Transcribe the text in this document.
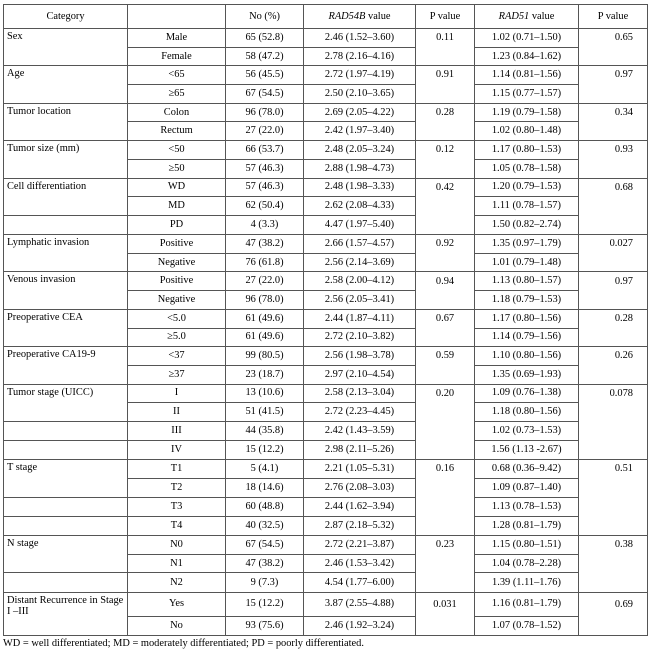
Category		No (%)	RAD54B value	P value	RAD51 value	P value
Sex	Male	65 (52.8)	2.46 (1.52–3.60)	0.11	1.02 (0.71–1.50)	0.65
	Female	58 (47.2)	2.78 (2.16–4.16)		1.23 (0.84–1.62)	
Age	<65	56 (45.5)	2.72 (1.97–4.19)	0.91	1.14 (0.81–1.56)	0.97
	≥65	67 (54.5)	2.50 (2.10–3.65)		1.15 (0.77–1.57)	
Tumor location	Colon	96 (78.0)	2.69 (2.05–4.22)	0.28	1.19 (0.79–1.58)	0.34
	Rectum	27 (22.0)	2.42 (1.97–3.40)		1.02 (0.80–1.48)	
Tumor size (mm)	<50	66 (53.7)	2.48 (2.05–3.24)	0.12	1.17 (0.80–1.53)	0.93
	≥50	57 (46.3)	2.88 (1.98–4.73)		1.05 (0.78–1.58)	
Cell differentiation	WD	57 (46.3)	2.48 (1.98–3.33)	0.42	1.20 (0.79–1.53)	0.68
	MD	62 (50.4)	2.62 (2.08–4.33)		1.11 (0.78–1.57)	
	PD	4 (3.3)	4.47 (1.97–5.40)		1.50 (0.82–2.74)	
Lymphatic invasion	Positive	47 (38.2)	2.66 (1.57–4.57)	0.92	1.35 (0.97–1.79)	0.027
	Negative	76 (61.8)	2.56 (2.14–3.69)		1.01 (0.79–1.48)	
Venous invasion	Positive	27 (22.0)	2.58 (2.00–4.12)	0.94	1.13 (0.80–1.57)	0.97
	Negative	96 (78.0)	2.56 (2.05–3.41)		1.18 (0.79–1.53)	
Preoperative CEA	<5.0	61 (49.6)	2.44 (1.87–4.11)	0.67	1.17 (0.80–1.56)	0.28
	≥5.0	61 (49.6)	2.72 (2.10–3.82)		1.14 (0.79–1.56)	
Preoperative CA19-9	<37	99 (80.5)	2.56 (1.98–3.78)	0.59	1.10 (0.80–1.56)	0.26
	≥37	23 (18.7)	2.97 (2.10–4.54)		1.35 (0.69–1.93)	
Tumor stage (UICC)	I	13 (10.6)	2.58 (2.13–3.04)	0.20	1.09 (0.76–1.38)	0.078
	II	51 (41.5)	2.72 (2.23–4.45)		1.18 (0.80–1.56)	
	III	44 (35.8)	2.42 (1.43–3.59)		1.02 (0.73–1.53)	
	IV	15 (12.2)	2.98 (2.11–5.26)		1.56 (1.13 -2.67)	
T stage	T1	5 (4.1)	2.21 (1.05–5.31)	0.16	0.68 (0.36–9.42)	0.51
	T2	18 (14.6)	2.76 (2.08–3.03)		1.09 (0.87–1.40)	
	T3	60 (48.8)	2.44 (1.62–3.94)		1.13 (0.78–1.53)	
	T4	40 (32.5)	2.87 (2.18–5.32)		1.28 (0.81–1.79)	
N stage	N0	67 (54.5)	2.72 (2.21–3.87)	0.23	1.15 (0.80–1.51)	0.38
	N1	47 (38.2)	2.46 (1.53–3.42)		1.04 (0.78–2.28)	
	N2	9 (7.3)	4.54 (1.77–6.00)		1.39 (1.11–1.76)	
Distant Recurrence in Stage I –III	Yes	15 (12.2)	3.87 (2.55–4.88)	0.031	1.16 (0.81–1.79)	0.69
	No	93 (75.6)	2.46 (1.92–3.24)		1.07 (0.78–1.52)	
WD = well differentiated; MD = moderately differentiated; PD = poorly differentiated.
